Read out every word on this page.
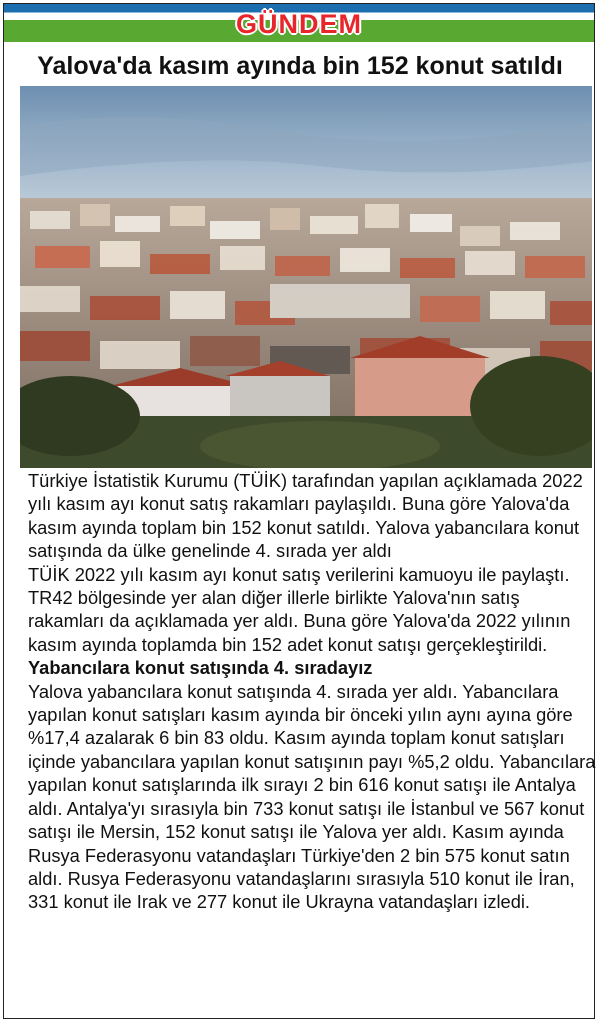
GÜNDEM
Yalova'da kasım ayında bin 152 konut satıldı

Türkiye İstatistik Kurumu (TÜİK) tarafından yapılan açıklamada 2022 yılı kasım ayı konut satış rakamları paylaşıldı. Buna göre Yalova'da kasım ayında toplam bin 152 konut satıldı. Yalova yabancılara konut satışında da ülke genelinde 4. sırada yer aldı

TÜİK 2022 yılı kasım ayı konut satış verilerini kamuoyu ile paylaştı. TR42 bölgesinde yer alan diğer illerle birlikte Yalova'nın satış rakamları da açıklamada yer aldı. Buna göre Yalova'da 2022 yılının kasım ayında toplamda bin 152 adet konut satışı gerçekleştirildi.

Yabancılara konut satışında 4. sıradayız

Yalova yabancılara konut satışında 4. sırada yer aldı. Yabancılara yapılan konut satışları kasım ayında bir önceki yılın aynı ayına göre %17,4 azalarak 6 bin 83 oldu. Kasım ayında toplam konut satışları içinde yabancılara yapılan konut satışının payı %5,2 oldu. Yabancılara yapılan konut satışlarında ilk sırayı 2 bin 616 konut satışı ile Antalya aldı. Antalya'yı sırasıyla bin 733 konut satışı ile İstanbul ve 567 konut satışı ile Mersin, 152 konut satışı ile Yalova yer aldı. Kasım ayında Rusya Federasyonu vatandaşları Türkiye'den 2 bin 575 konut satın aldı. Rusya Federasyonu vatandaşlarını sırasıyla 510 konut ile İran, 331 konut ile Irak ve 277 konut ile Ukrayna vatandaşları izledi.
